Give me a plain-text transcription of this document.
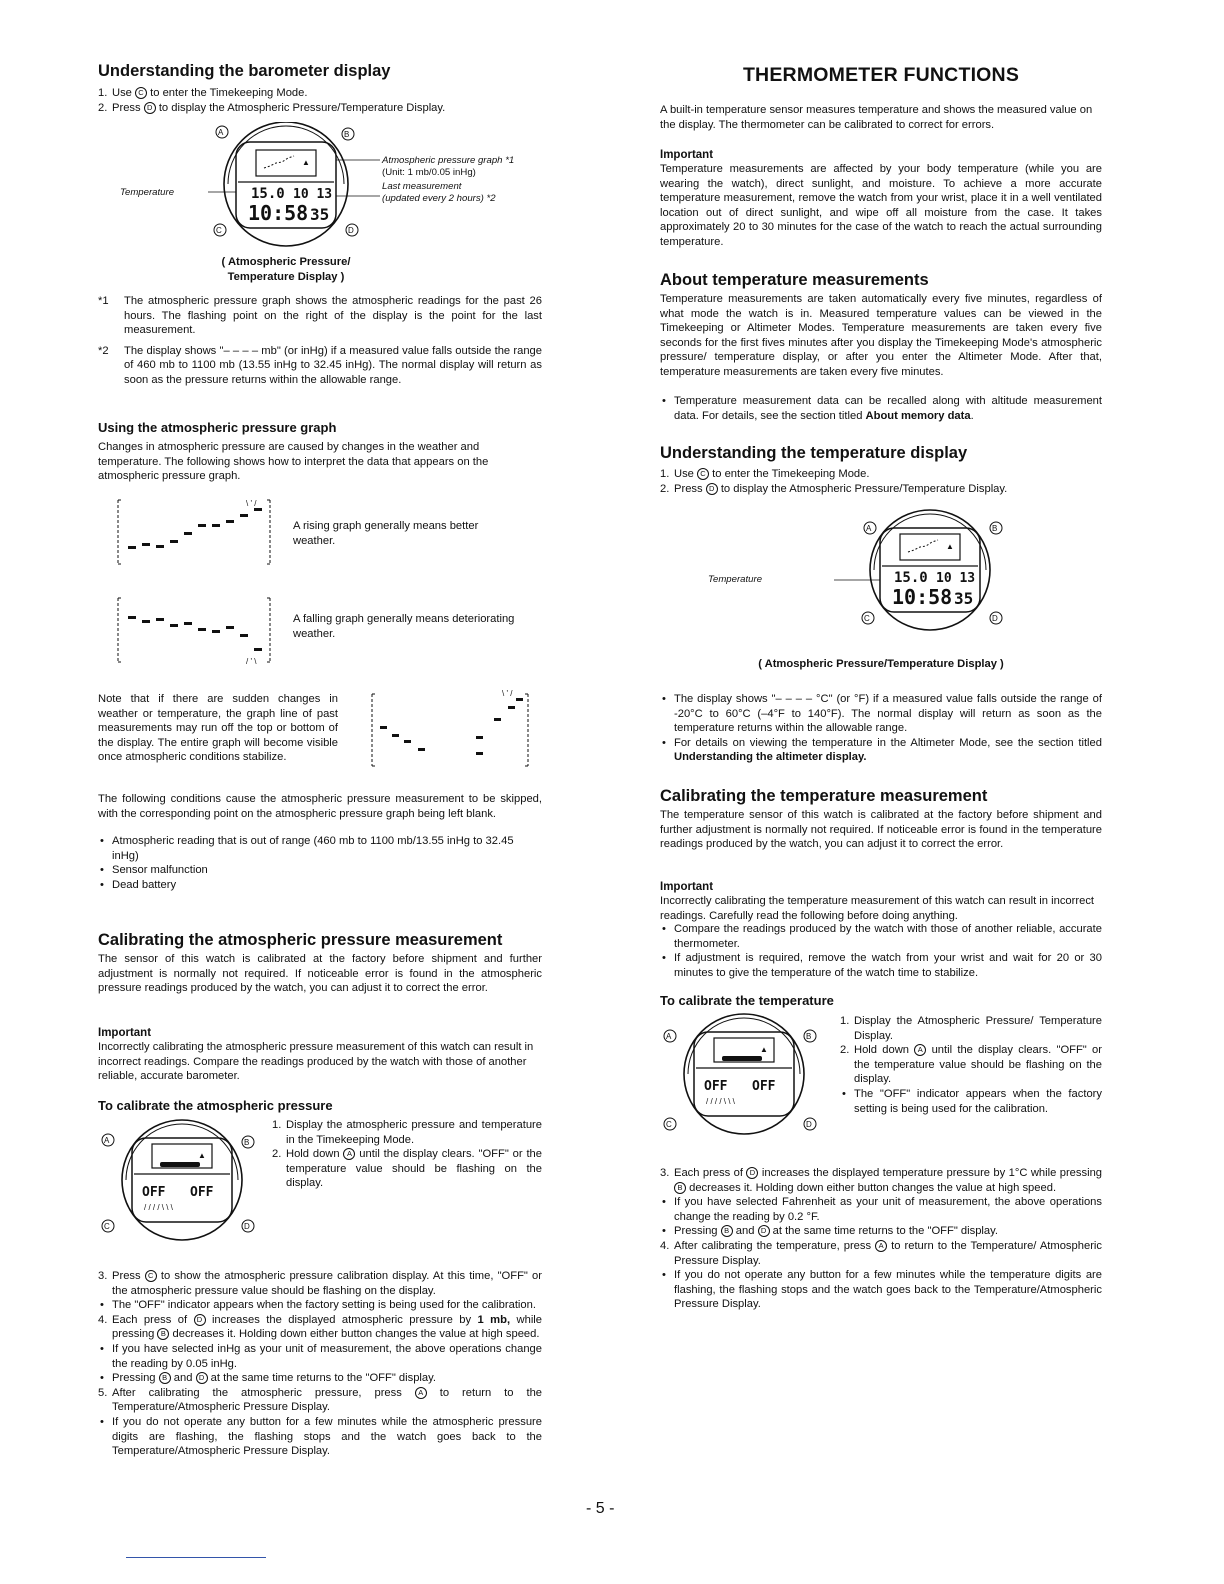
Understanding the barometer display
1. Use C to enter the Timekeeping Mode.
2. Press D to display the Atmospheric Pressure/Temperature Display.
▲
15.0 10 13
10:58 35
A	B
C	D
Temperature
Atmospheric pressure graph *1
(Unit: 1 mb/0.05 inHg)
Last measurement
(updated every 2 hours) *2
( Atmospheric Pressure/
Temperature Display )

*1 The atmospheric pressure graph shows the atmospheric readings for the past 26 hours. The flashing point on the right of the display is the point for the last measurement.

*2 The display shows "– – – – mb" (or inHg) if a measured value falls outside the range of 460 mb to 1100 mb (13.55 inHg to 32.45 inHg). The normal display will return as soon as the pressure returns within the allowable range.

Using the atmospheric pressure graph

Changes in atmospheric pressure are caused by changes in the weather and temperature. The following shows how to interpret the data that appears on the atmospheric pressure graph.

\ ' /

A rising graph generally means better weather.

/ ' \

A falling graph generally means deteriorating weather.

Note that if there are sudden changes in weather or temperature, the graph line of past measurements may run off the top or bottom of the display. The entire graph will become visible once atmospheric conditions stabilize.

\ ' /

The following conditions cause the atmospheric pressure measurement to be skipped, with the corresponding point on the atmospheric pressure graph being left blank.

• Atmospheric reading that is out of range (460 mb to 1100 mb/13.55 inHg to 32.45 inHg)
• Sensor malfunction
• Dead battery
Calibrating the atmospheric pressure measurement

The sensor of this watch is calibrated at the factory before shipment and further adjustment is normally not required. If noticeable error is found in the atmospheric pressure readings produced by the watch, you can adjust it to correct the error.

Important

Incorrectly calibrating the atmospheric pressure measurement of this watch can result in incorrect readings. Compare the readings produced by the watch with those of another reliable, accurate barometer.

To calibrate the atmospheric pressure
▲
OFF OFF
/ / / / \ \ \
A	B
C	D
1. Display the atmospheric pressure and temperature in the Timekeeping Mode.
2. Hold down A until the display clears. "OFF" or the temperature value should be flashing on the display.
3. Press C to show the atmospheric pressure calibration display. At this time, "OFF" or the atmospheric pressure value should be flashing on the display.
• The "OFF" indicator appears when the factory setting is being used for the calibration.
4. Each press of D increases the displayed atmospheric pressure by 1 mb, while pressing B decreases it. Holding down either button changes the value at high speed.
• If you have selected inHg as your unit of measurement, the above operations change the reading by 0.05 inHg.
• Pressing B and D at the same time returns to the "OFF" display.
5. After calibrating the atmospheric pressure, press A to return to the Temperature/Atmospheric Pressure Display.
• If you do not operate any button for a few minutes while the atmospheric pressure digits are flashing, the flashing stops and the watch goes back to the Temperature/Atmospheric Pressure Display.
THERMOMETER FUNCTIONS

A built-in temperature sensor measures temperature and shows the measured value on the display. The thermometer can be calibrated to correct for errors.

Important

Temperature measurements are affected by your body temperature (while you are wearing the watch), direct sunlight, and moisture. To achieve a more accurate temperature measurement, remove the watch from your wrist, place it in a well ventilated location out of direct sunlight, and wipe off all moisture from the case. It takes approximately 20 to 30 minutes for the case of the watch to reach the actual surrounding temperature.

About temperature measurements

Temperature measurements are taken automatically every five minutes, regardless of what mode the watch is in. Measured temperature values can be viewed in the Timekeeping or Altimeter Modes. Temperature measurements are taken every five seconds for the first fives minutes after you display the Timekeeping Mode's atmospheric pressure/ temperature display, or after you enter the Altimeter Mode. After that, temperature measurements are taken every five minutes.

• Temperature measurement data can be recalled along with altitude measurement data. For details, see the section titled About memory data.
Understanding the temperature display
1. Use C to enter the Timekeeping Mode.
2. Press D to display the Atmospheric Pressure/Temperature Display.
▲
15.0 10 13
10:58 35
A	B
C	D
Temperature
( Atmospheric Pressure/Temperature Display )
• The display shows "– – – – °C" (or °F) if a measured value falls outside the range of -20°C to 60°C (–4°F to 140°F). The normal display will return as soon as the temperature returns within the allowable range.
• For details on viewing the temperature in the Altimeter Mode, see the section titled Understanding the altimeter display.
Calibrating the temperature measurement

The temperature sensor of this watch is calibrated at the factory before shipment and further adjustment is normally not required. If noticeable error is found in the temperature readings produced by the watch, you can adjust it to correct the error.

Important

Incorrectly calibrating the temperature measurement of this watch can result in incorrect readings. Carefully read the following before doing anything.

• Compare the readings produced by the watch with those of another reliable, accurate thermometer.
• If adjustment is required, remove the watch from your wrist and wait for 20 or 30 minutes to give the temperature of the watch time to stabilize.
To calibrate the temperature
▲
OFF OFF
/ / / / \ \ \
A	B
C	D
1. Display the Atmospheric Pressure/ Temperature Display.
2. Hold down A until the display clears. "OFF" or the temperature value should be flashing on the display.
• The "OFF" indicator appears when the factory setting is being used for the calibration.
3. Each press of D increases the displayed temperature pressure by 1°C while pressing B decreases it. Holding down either button changes the value at high speed.
• If you have selected Fahrenheit as your unit of measurement, the above operations change the reading by 0.2 °F.
• Pressing B and D at the same time returns to the "OFF" display.
4. After calibrating the temperature, press A to return to the Temperature/ Atmospheric Pressure Display.
• If you do not operate any button for a few minutes while the temperature digits are flashing, the flashing stops and the watch goes back to the Temperature/Atmospheric Pressure Display.
- 5 -
